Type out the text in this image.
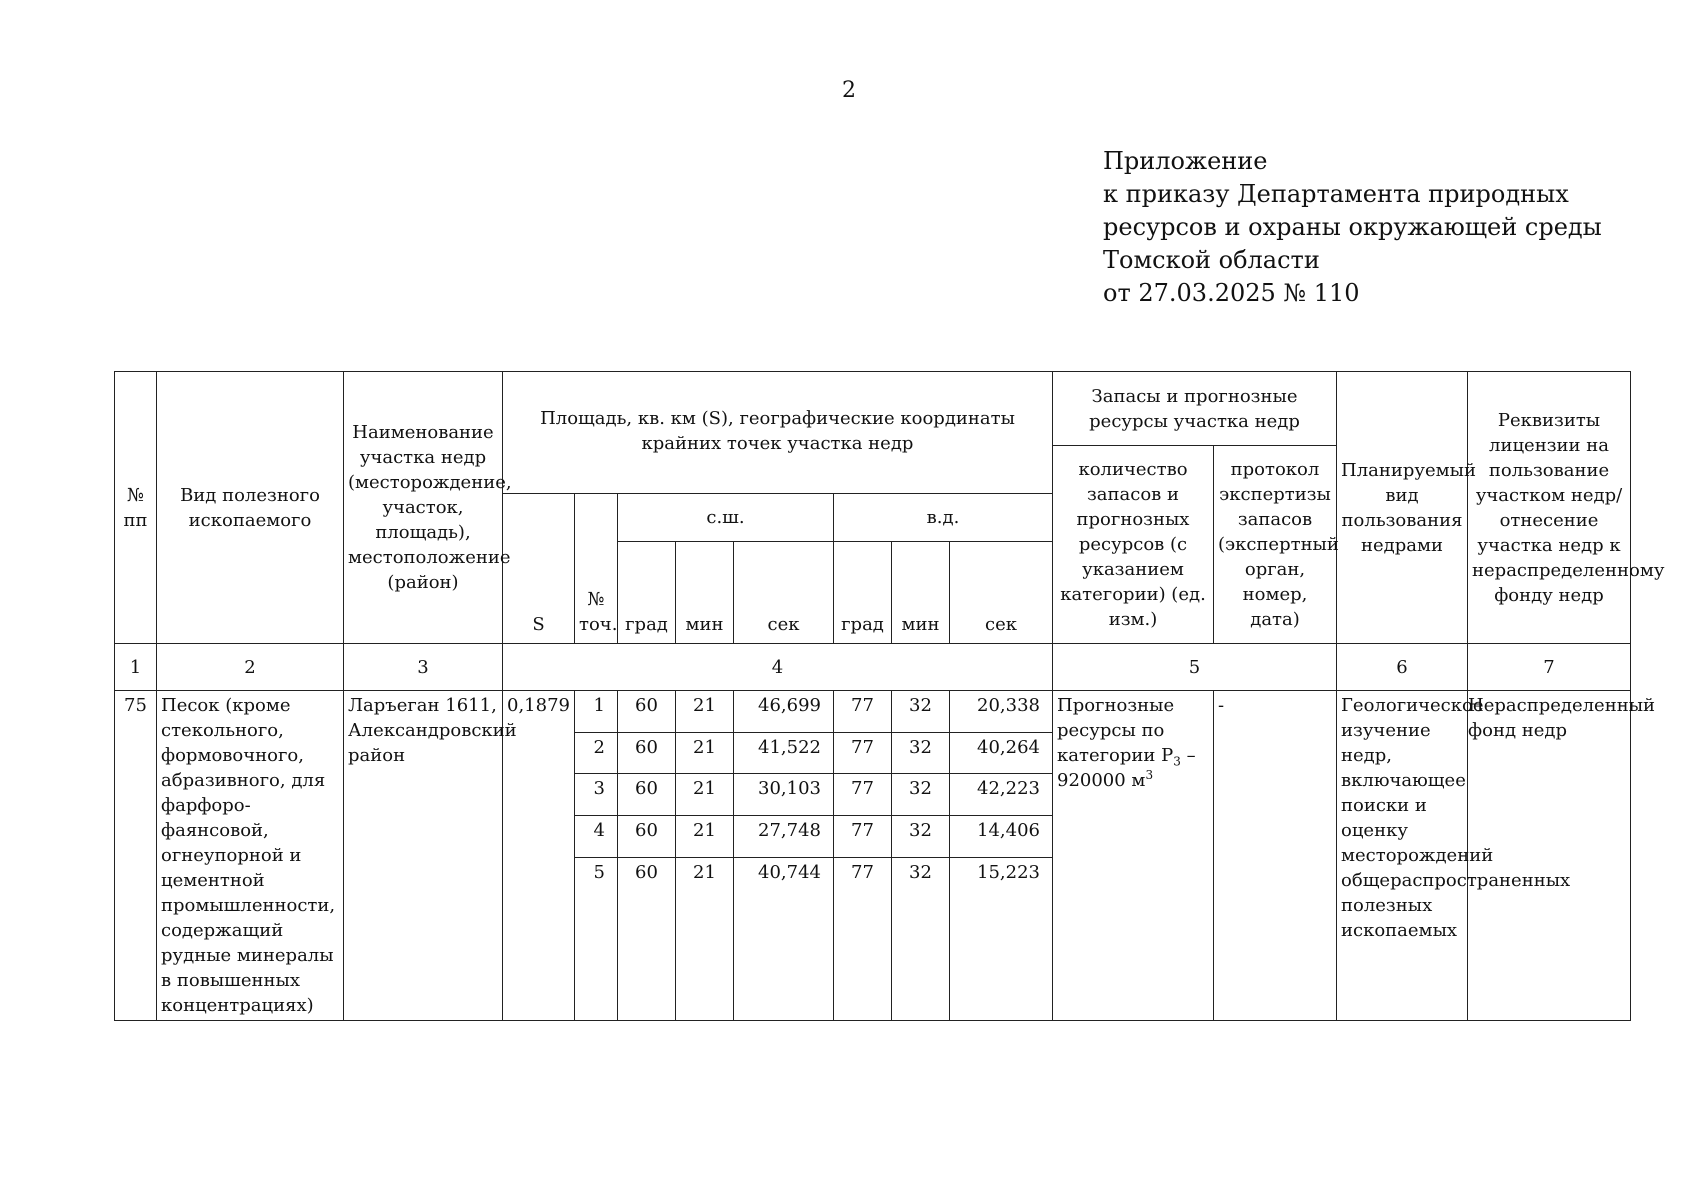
2
Приложение
к приказу Департамента природных
ресурсов и охраны окружающей среды
Томской области
от 27.03.2025 № 110
№ пп	Вид полезного ископаемого	Наименование участка недр (месторождение, участок, площадь), местоположение (район)	Площадь, кв. км (S), географические координаты крайних точек участка недр								Запасы и прогнозные ресурсы участка недр		Планируемый вид пользования недрами	Реквизиты лицензии на пользование участком недр/ отнесение участка недр к нераспределенному фонду недр
											количество запасов и прогнозных ресурсов (с указанием категории) (ед. изм.)	протокол экспертизы запасов (экспертный орган, номер, дата)		
			S	№ точ.	с.ш.			в.д.						
					град	мин	сек	град	мин	сек				
1	2	3	4								5		6	7
75	Песок (кроме стекольного, формовочного, абразивного, для фарфоро-фаянсовой, огнеупорной и цементной промышленности, содержащий рудные минералы в повышенных концентрациях)	Ларъеган 1611, Александровский район	0,1879	1	60	21	46,699	77	32	20,338	Прогнозные ресурсы по категории $Р_3 - 920000$ $м^3$	-	Геологическое изучение недр, включающее поиски и оценку месторождений общераспространенных полезных ископаемых	Нераспределенный фонд недр
				2	60	21	41,522	77	32	40,264				
				3	60	21	30,103	77	32	42,223				
				4	60	21	27,748	77	32	14,406				
				5	60	21	40,744	77	32	15,223				
